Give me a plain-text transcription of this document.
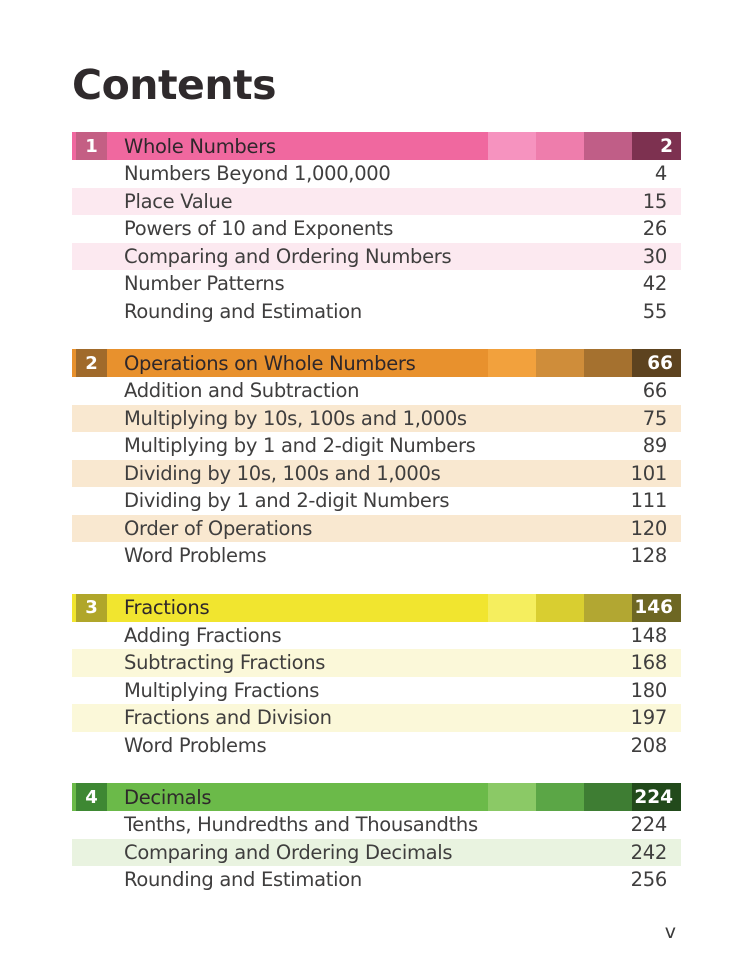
Contents
1	Whole Numbers	2
Numbers Beyond 1,000,000	4
Place Value	15
Powers of 10 and Exponents	26
Comparing and Ordering Numbers	30
Number Patterns	42
Rounding and Estimation	55
2	Operations on Whole Numbers	66
Addition and Subtraction	66
Multiplying by 10s, 100s and 1,000s	75
Multiplying by 1 and 2-digit Numbers	89
Dividing by 10s, 100s and 1,000s	101
Dividing by 1 and 2-digit Numbers	111
Order of Operations	120
Word Problems	128
3	Fractions	146
Adding Fractions	148
Subtracting Fractions	168
Multiplying Fractions	180
Fractions and Division	197
Word Problems	208
4	Decimals	224
Tenths, Hundredths and Thousandths	224
Comparing and Ordering Decimals	242
Rounding and Estimation	256
v
